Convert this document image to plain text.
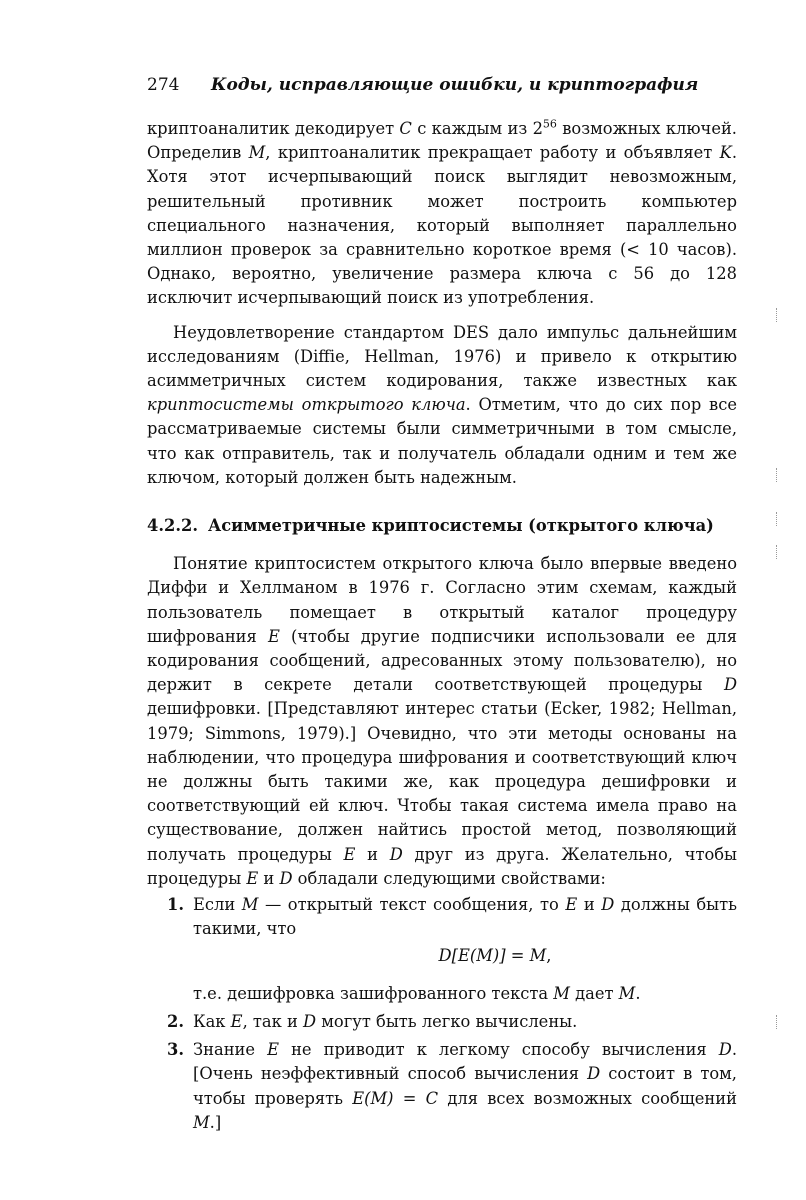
274 Коды, исправляющие ошибки, и криптография

криптоаналитик декодирует C с каждым из $2^{56}$ возможных ключей. Определив M, криптоаналитик прекращает работу и объявляет K. Хотя этот исчерпывающий поиск выглядит невозможным, решительный противник может построить компьютер специального назначения, который выполняет параллельно миллион проверок за сравнительно короткое время (< 10 часов). Однако, вероятно, увеличение размера ключа с 56 до 128 исключит исчерпывающий поиск из употребления.

Неудовлетворение стандартом DES дало импульс дальнейшим исследованиям (Diffie, Hellman, 1976) и привело к открытию асимметричных систем кодирования, также известных как криптосистемы открытого ключа. Отметим, что до сих пор все рассматриваемые системы были симметричными в том смысле, что как отправитель, так и получатель обладали одним и тем же ключом, который должен быть надежным.

4.2.2. Асимметричные криптосистемы (открытого ключа)

Понятие криптосистем открытого ключа было впервые введено Диффи и Хеллманом в 1976 г. Согласно этим схемам, каждый пользователь помещает в открытый каталог процедуру шифрования E (чтобы другие подписчики использовали ее для кодирования сообщений, адресованных этому пользователю), но держит в секрете детали соответствующей процедуры D дешифровки. [Представляют интерес статьи (Ecker, 1982; Hellman, 1979; Simmons, 1979).] Очевидно, что эти методы основаны на наблюдении, что процедура шифрования и соответствующий ключ не должны быть такими же, как процедура дешифровки и соответствующий ей ключ. Чтобы такая система имела право на существование, должен найтись простой метод, позволяющий получать процедуры E и D друг из друга. Желательно, чтобы процедуры E и D обладали следующими свойствами:

1. Если M — открытый текст сообщения, то E и D должны быть такими, что
D[E(M)] = M,
т.е. дешифровка зашифрованного текста M дает M.
2. Как E, так и D могут быть легко вычислены.
3. Знание E не приводит к легкому способу вычисления D. [Очень неэффективный способ вычисления D состоит в том, чтобы проверять E(M) = C для всех возможных сообщений M.]
